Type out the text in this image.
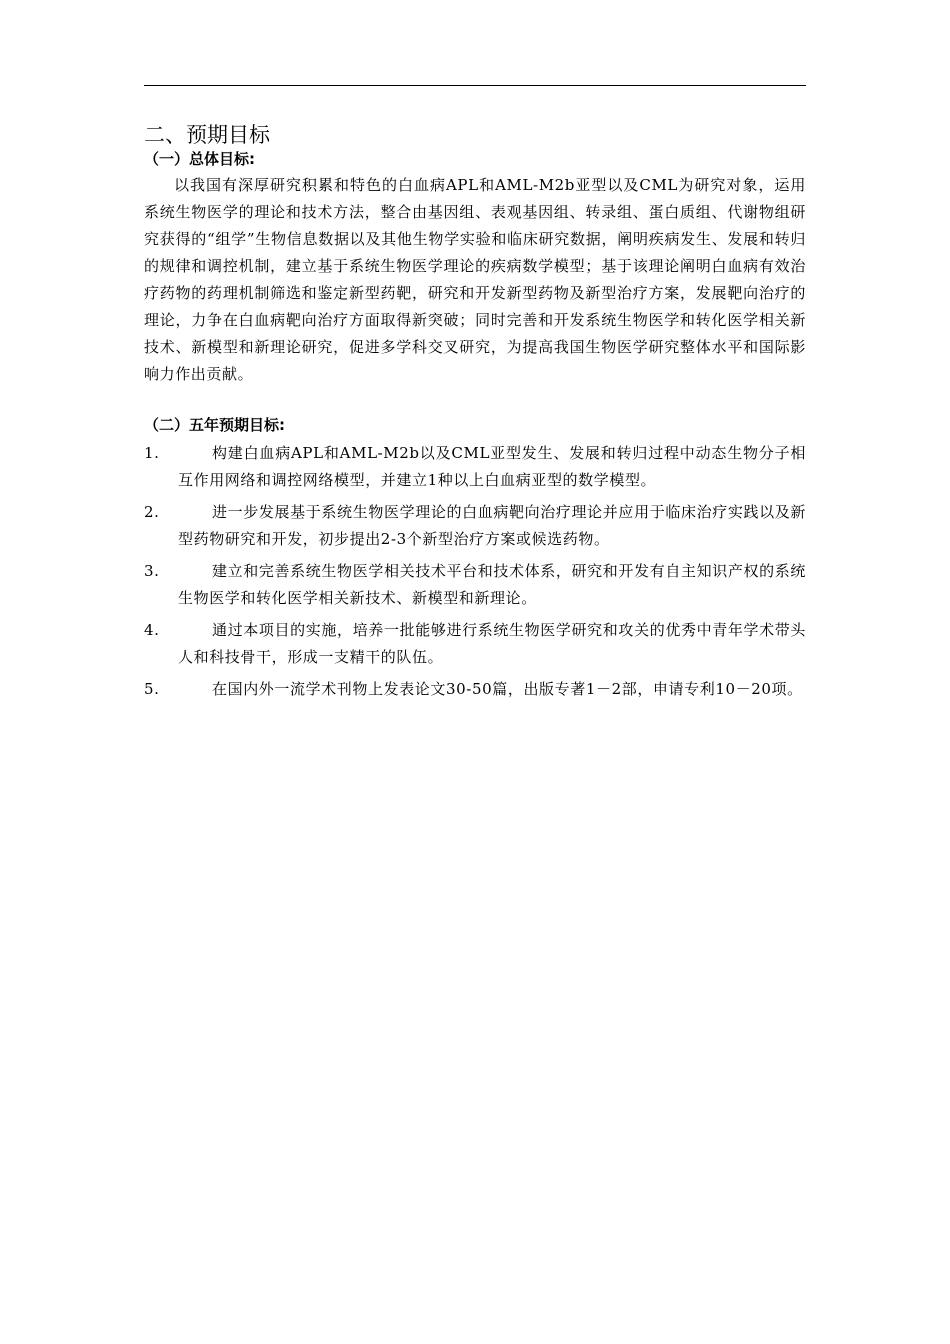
二、预期目标

（一）总体目标:

以我国有深厚研究积累和特色的白血病APL和AML-M2b亚型以及CML为研究对象，运用系统生物医学的理论和技术方法，整合由基因组、表观基因组、转录组、蛋白质组、代谢物组研究获得的“组学”生物信息数据以及其他生物学实验和临床研究数据，阐明疾病发生、发展和转归的规律和调控机制，建立基于系统生物医学理论的疾病数学模型；基于该理论阐明白血病有效治疗药物的药理机制筛选和鉴定新型药靶，研究和开发新型药物及新型治疗方案，发展靶向治疗的理论，力争在白血病靶向治疗方面取得新突破；同时完善和开发系统生物医学和转化医学相关新技术、新模型和新理论研究，促进多学科交叉研究，为提高我国生物医学研究整体水平和国际影响力作出贡献。

（二）五年预期目标:

1.	构建白血病APL和AML-M2b以及CML亚型发生、发展和转归过程中动态生物分子相互作用网络和调控网络模型，并建立1种以上白血病亚型的数学模型。
2.	进一步发展基于系统生物医学理论的白血病靶向治疗理论并应用于临床治疗实践以及新型药物研究和开发，初步提出2-3个新型治疗方案或候选药物。
3.	建立和完善系统生物医学相关技术平台和技术体系，研究和开发有自主知识产权的系统生物医学和转化医学相关新技术、新模型和新理论。
4.	通过本项目的实施，培养一批能够进行系统生物医学研究和攻关的优秀中青年学术带头人和科技骨干，形成一支精干的队伍。
5.	在国内外一流学术刊物上发表论文30-50篇，出版专著1－2部，申请专利10－20项。
